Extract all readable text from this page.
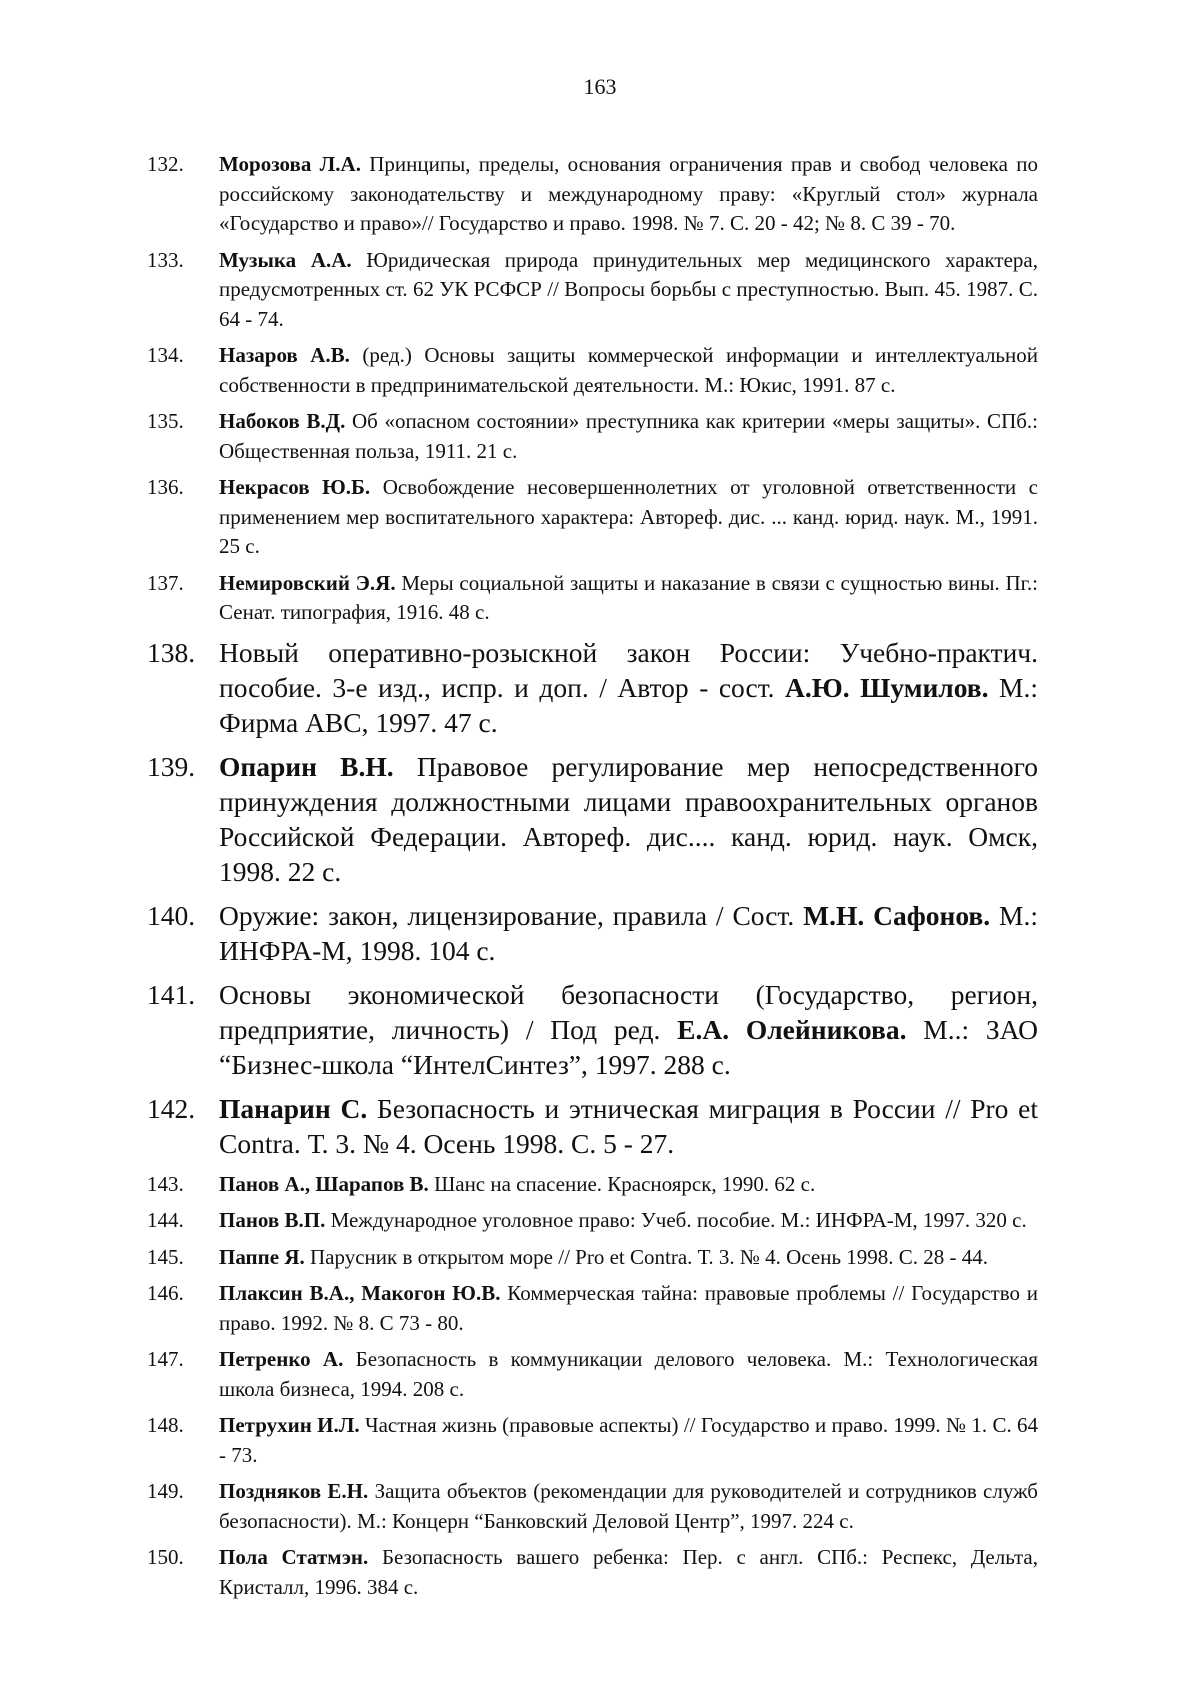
163
132. Морозова Л.А. Принципы, пределы, основания ограничения прав и свобод человека по российскому законодательству и международному праву: «Круглый стол» журнала «Государство и право»// Государство и право. 1998. № 7. С. 20 - 42; № 8. С 39 - 70.
133. Музыка А.А. Юридическая природа принудительных мер медицинского характера, предусмотренных ст. 62 УК РСФСР // Вопросы борьбы с преступностью. Вып. 45. 1987. С. 64 - 74.
134. Назаров А.В. (ред.) Основы защиты коммерческой информации и интеллектуальной собственности в предпринимательской деятельности. М.: Юкис, 1991. 87 с.
135. Набоков В.Д. Об «опасном состоянии» преступника как критерии «меры защиты». СПб.: Общественная польза, 1911. 21 с.
136. Некрасов Ю.Б. Освобождение несовершеннолетних от уголовной ответственности с применением мер воспитательного характера: Автореф. дис. ... канд. юрид. наук. М., 1991. 25 с.
137. Немировский Э.Я. Меры социальной защиты и наказание в связи с сущностью вины. Пг.: Сенат. типография, 1916. 48 с.
138. Новый оперативно-розыскной закон России: Учебно-практич. пособие. 3-е изд., испр. и доп. / Автор - сост. А.Ю. Шумилов. М.: Фирма АВС, 1997. 47 с.
139. Опарин В.Н. Правовое регулирование мер непосредственного принуждения должностными лицами правоохранительных органов Российской Федерации. Автореф. дис.... канд. юрид. наук. Омск, 1998. 22 с.
140. Оружие: закон, лицензирование, правила / Сост. М.Н. Сафонов. М.: ИНФРА-М, 1998. 104 с.
141. Основы экономической безопасности (Государство, регион, предприятие, личность) / Под ред. Е.А. Олейникова. М..: ЗАО “Бизнес-школа “ИнтелСинтез”, 1997. 288 с.
142. Панарин С. Безопасность и этническая миграция в России // Pro et Contra. Т. 3. № 4. Осень 1998. С. 5 - 27.
143. Панов А., Шарапов В. Шанс на спасение. Красноярск, 1990. 62 с.
144. Панов В.П. Международное уголовное право: Учеб. пособие. М.: ИНФРА-М, 1997. 320 с.
145. Паппе Я. Парусник в открытом море // Pro et Contra. Т. 3. № 4. Осень 1998. С. 28 - 44.
146. Плаксин В.А., Макогон Ю.В. Коммерческая тайна: правовые проблемы // Государство и право. 1992. № 8. С 73 - 80.
147. Петренко А. Безопасность в коммуникации делового человека. М.: Технологическая школа бизнеса, 1994. 208 с.
148. Петрухин И.Л. Частная жизнь (правовые аспекты) // Государство и право. 1999. № 1. С. 64 - 73.
149. Поздняков Е.Н. Защита объектов (рекомендации для руководителей и сотрудников служб безопасности). М.: Концерн “Банковский Деловой Центр”, 1997. 224 с.
150. Пола Статмэн. Безопасность вашего ребенка: Пер. с англ. СПб.: Респекс, Дельта, Кристалл, 1996. 384 с.
